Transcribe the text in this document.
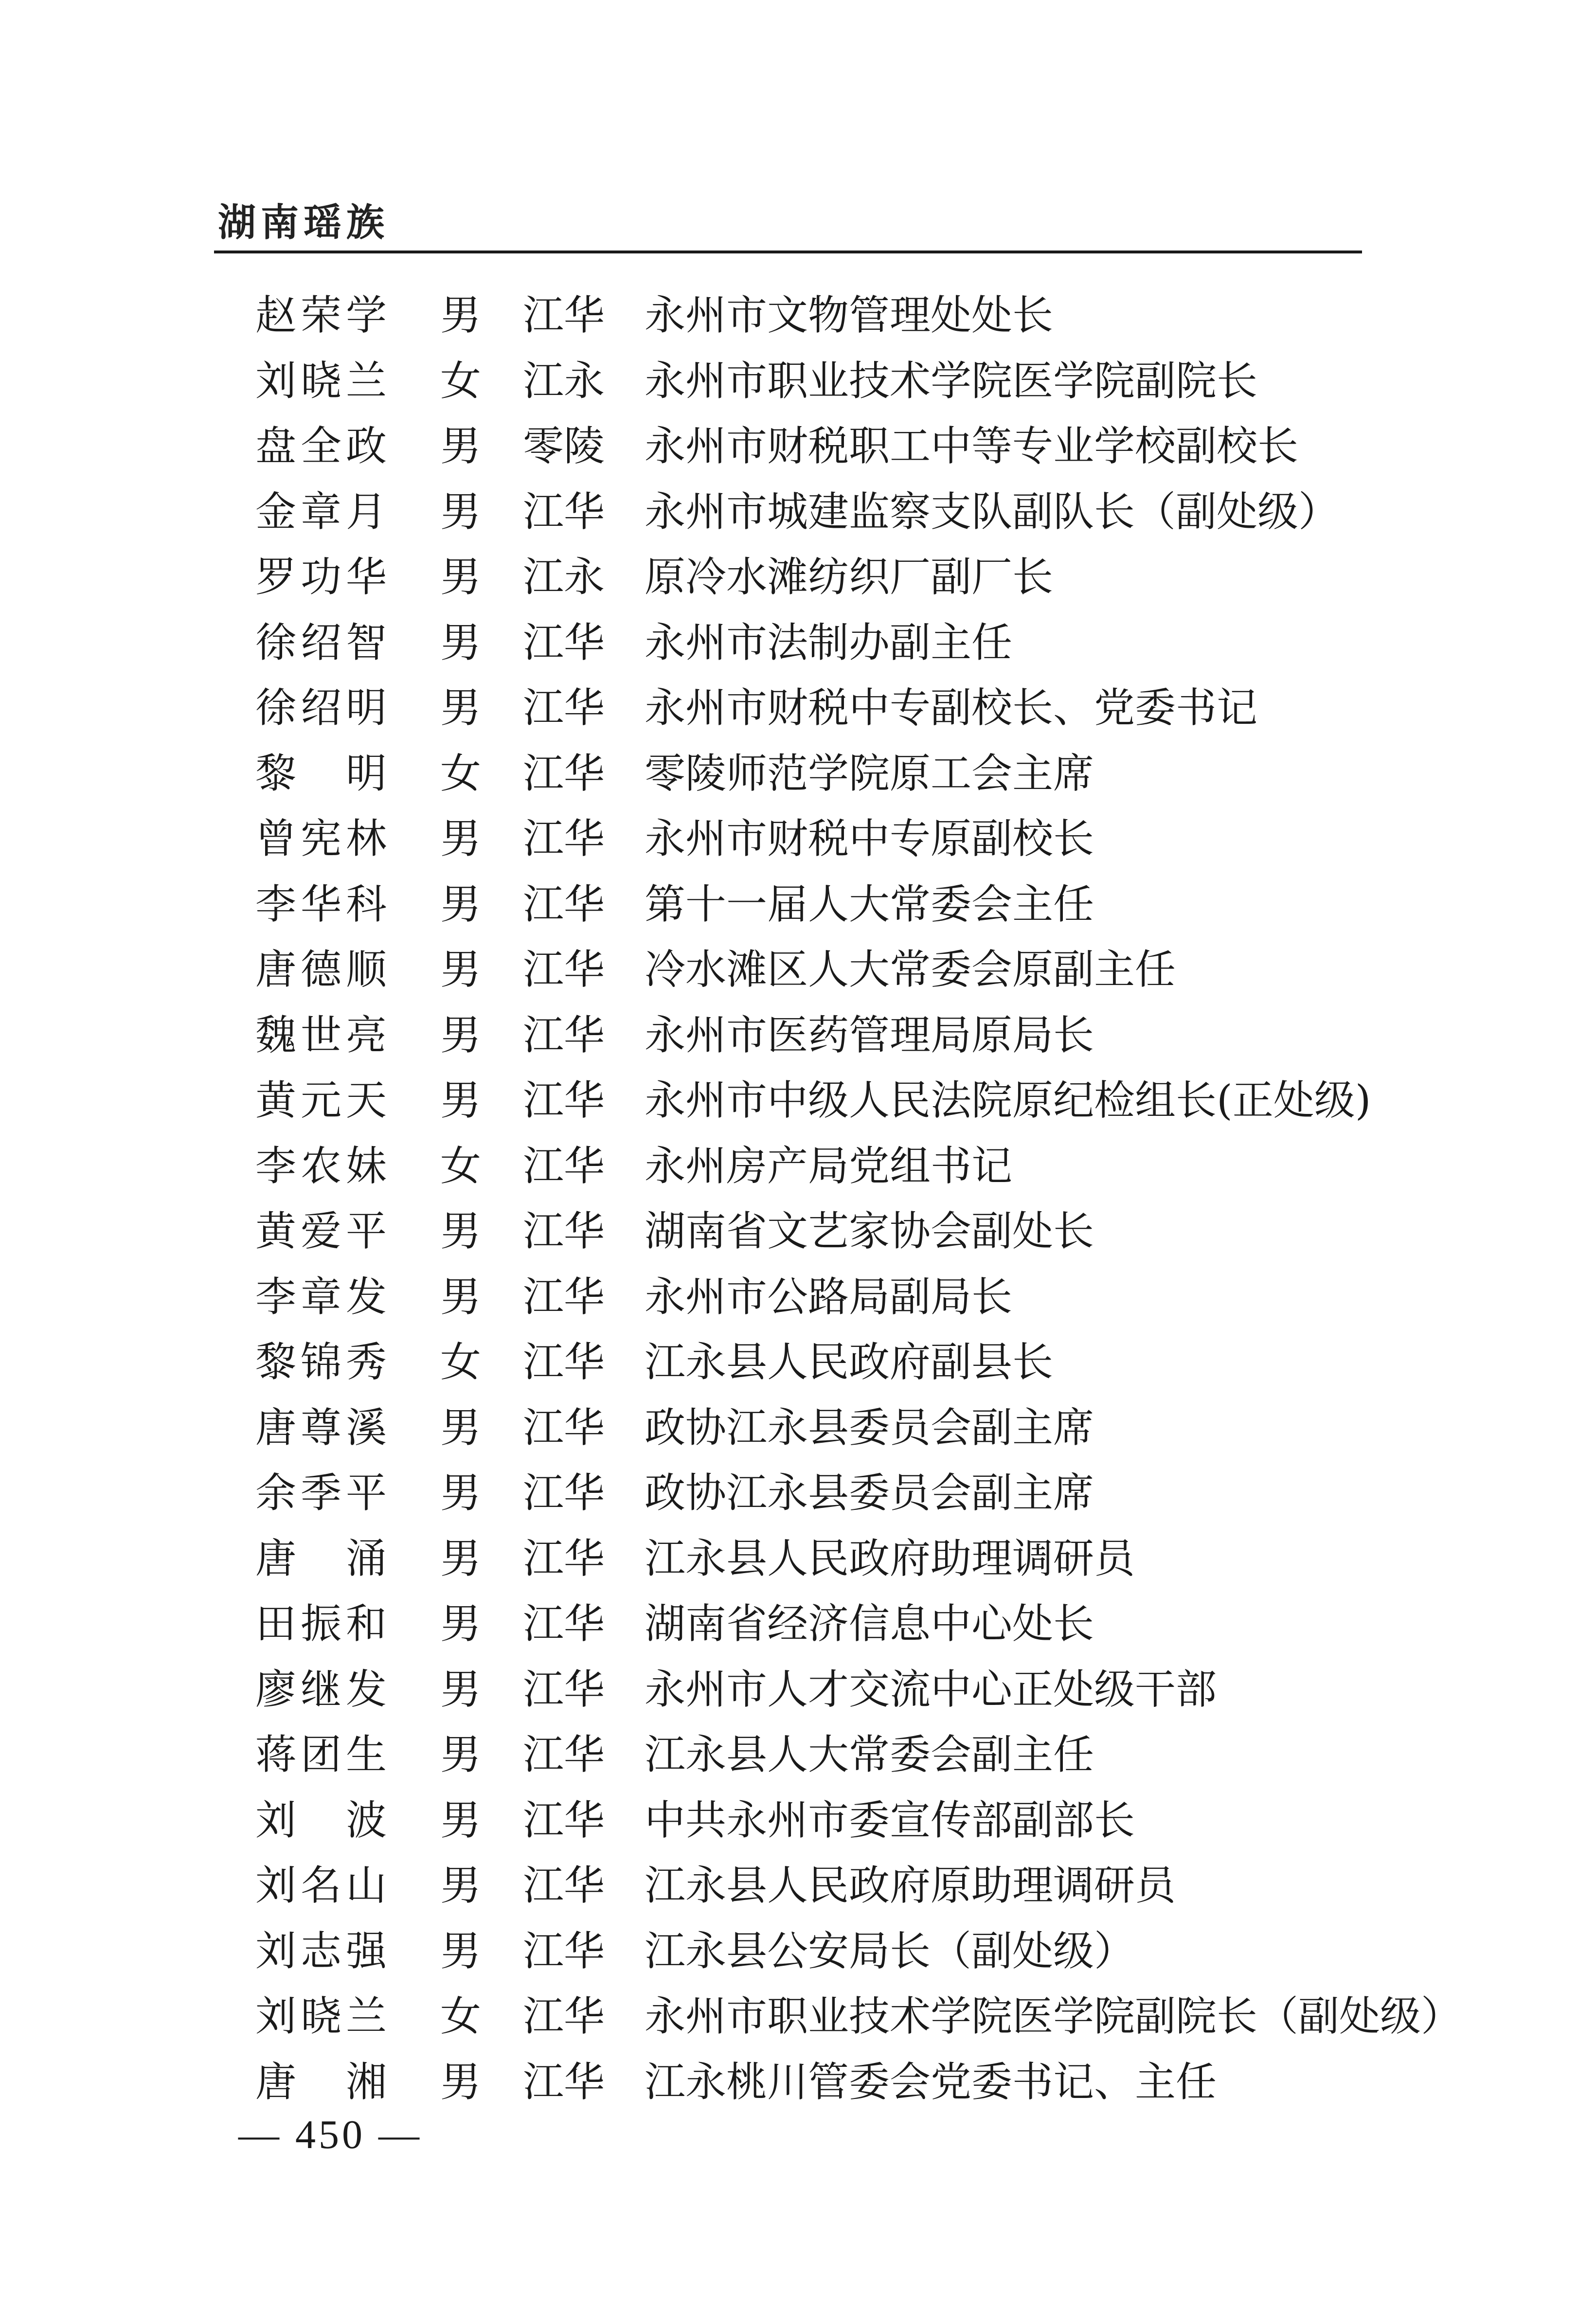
湖南瑶族
赵 荣 学 男 江华 永州市文物管理处处长
刘 晓 兰 女 江永 永州市职业技术学院医学院副院长
盘 全 政 男 零陵 永州市财税职工中等专业学校副校长
金 章 月 男 江华 永州市城建监察支队副队长（副处级）
罗 功 华 男 江永 原冷水滩纺织厂副厂长
徐 绍 智 男 江华 永州市法制办副主任
徐 绍 明 男 江华 永州市财税中专副校长、党委书记
黎 明 女 江华 零陵师范学院原工会主席
曾 宪 林 男 江华 永州市财税中专原副校长
李 华 科 男 江华 第十一届人大常委会主任
唐 德 顺 男 江华 冷水滩区人大常委会原副主任
魏 世 亮 男 江华 永州市医药管理局原局长
黄 元 天 男 江华 永州市中级人民法院原纪检组长(正处级)
李 农 妹 女 江华 永州房产局党组书记
黄 爱 平 男 江华 湖南省文艺家协会副处长
李 章 发 男 江华 永州市公路局副局长
黎 锦 秀 女 江华 江永县人民政府副县长
唐 尊 溪 男 江华 政协江永县委员会副主席
余 季 平 男 江华 政协江永县委员会副主席
唐 涌 男 江华 江永县人民政府助理调研员
田 振 和 男 江华 湖南省经济信息中心处长
廖 继 发 男 江华 永州市人才交流中心正处级干部
蒋 团 生 男 江华 江永县人大常委会副主任
刘 波 男 江华 中共永州市委宣传部副部长
刘 名 山 男 江华 江永县人民政府原助理调研员
刘 志 强 男 江华 江永县公安局长（副处级）
刘 晓 兰 女 江华 永州市职业技术学院医学院副院长（副处级）
唐 湘 男 江华 江永桃川管委会党委书记、主任
— 450 —
